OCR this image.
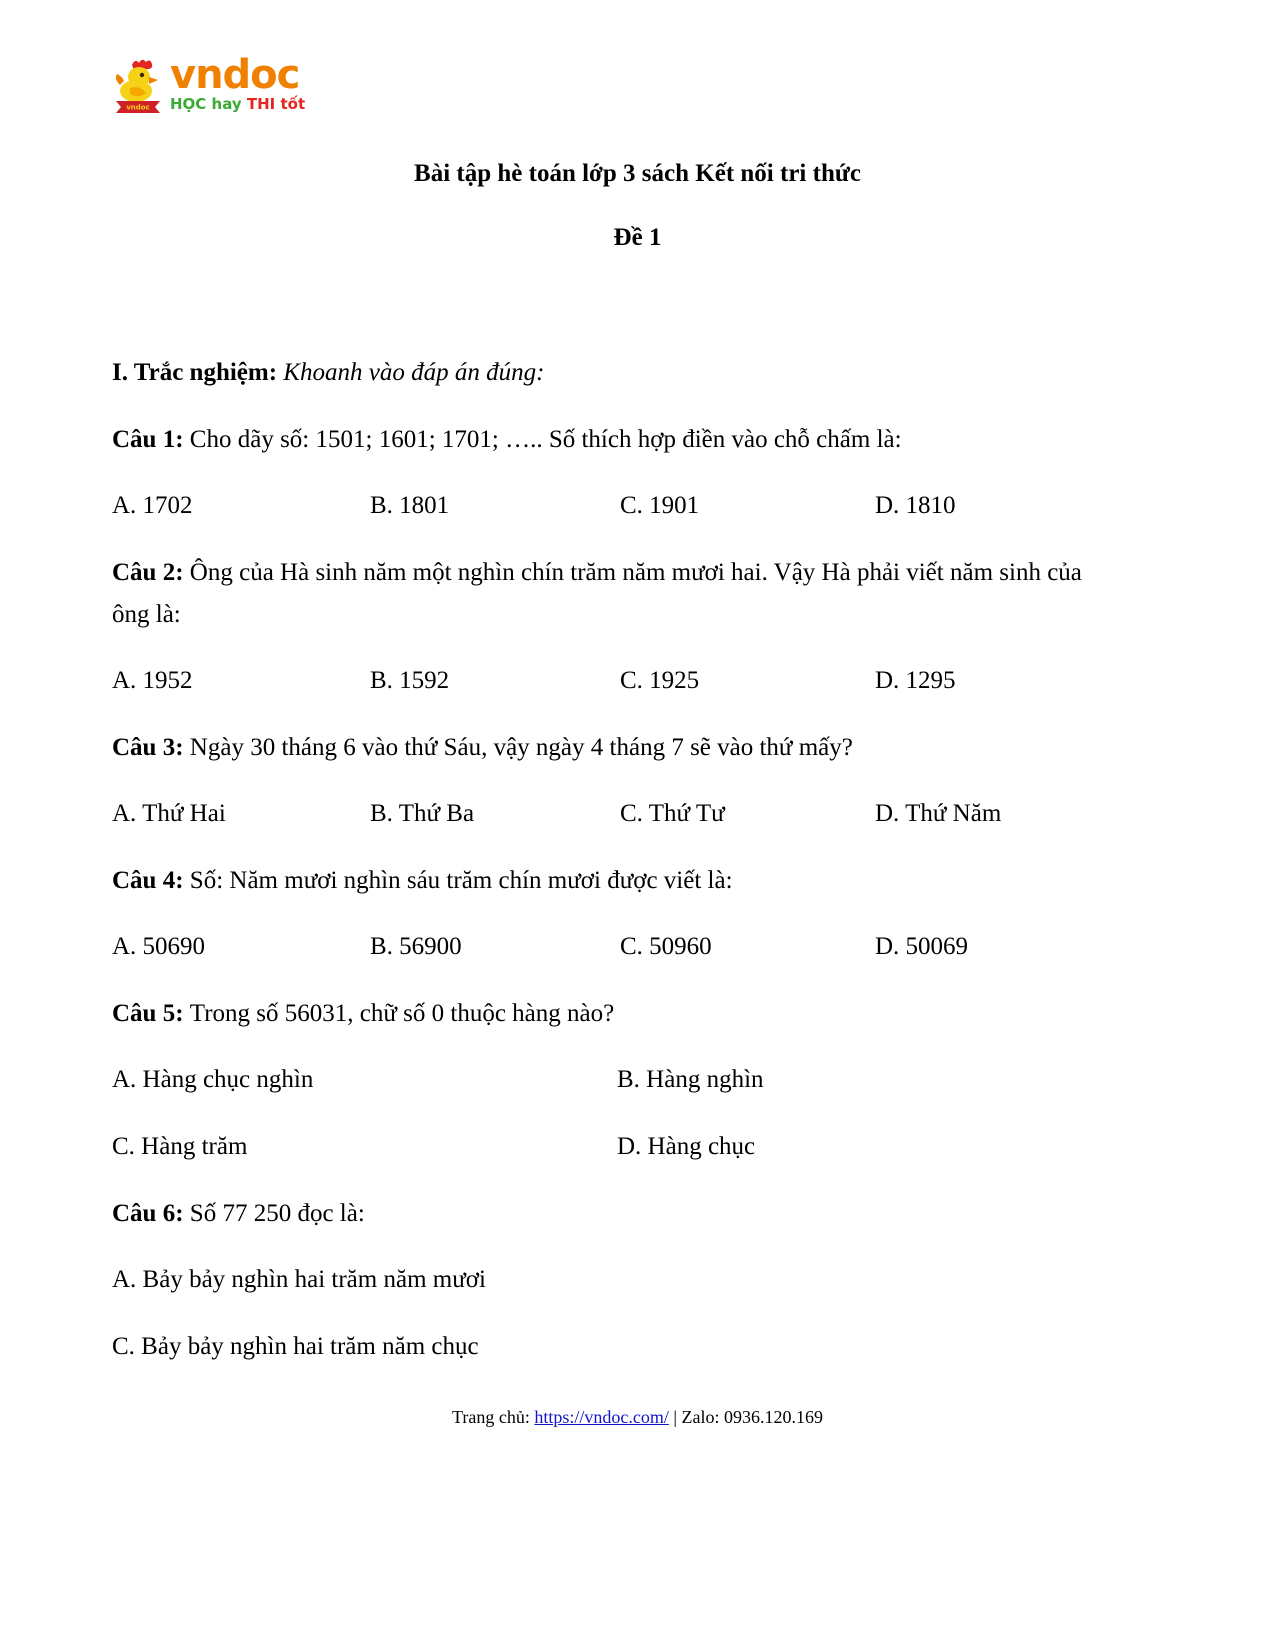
vndoc
vndoc
HỌC hay THI tốt
Bài tập hè toán lớp 3 sách Kết nối tri thức
Đề 1

I. Trắc nghiệm: Khoanh vào đáp án đúng:

Câu 1: Cho dãy số: 1501; 1601; 1701; ….. Số thích hợp điền vào chỗ chấm là:

A. 1702	B. 1801	C. 1901	D. 1810

Câu 2: Ông của Hà sinh năm một nghìn chín trăm năm mươi hai. Vậy Hà phải viết năm sinh của ông là:

A. 1952	B. 1592	C. 1925	D. 1295

Câu 3: Ngày 30 tháng 6 vào thứ Sáu, vậy ngày 4 tháng 7 sẽ vào thứ mấy?

A. Thứ Hai	B. Thứ Ba	C. Thứ Tư	D. Thứ Năm

Câu 4: Số: Năm mươi nghìn sáu trăm chín mươi được viết là:

A. 50690	B. 56900	C. 50960	D. 50069

Câu 5: Trong số 56031, chữ số 0 thuộc hàng nào?

A. Hàng chục nghìn	B. Hàng nghìn
C. Hàng trăm	D. Hàng chục

Câu 6: Số 77 250 đọc là:

A. Bảy bảy nghìn hai trăm năm mươi
C. Bảy bảy nghìn hai trăm năm chục
Trang chủ: https://vndoc.com/ | Zalo: 0936.120.169
